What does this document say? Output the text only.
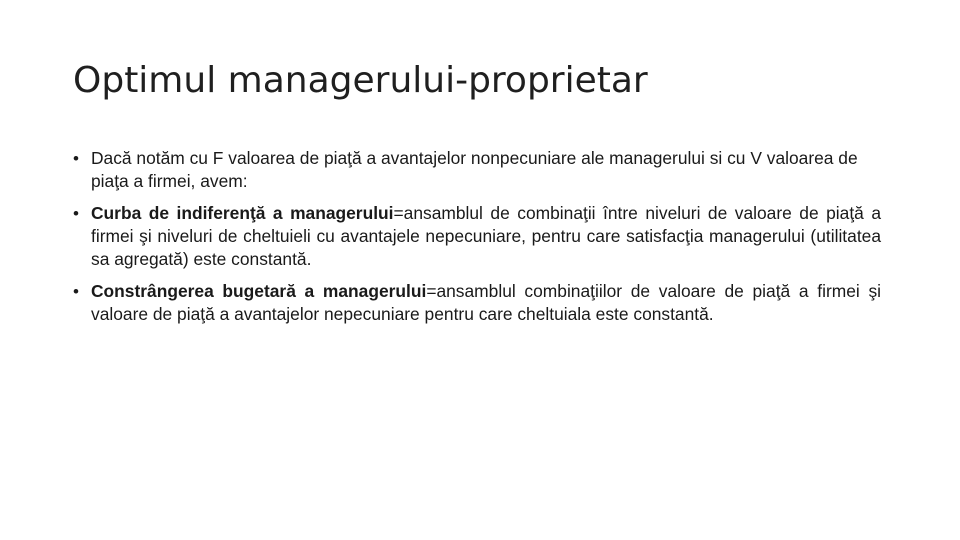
Optimul managerului-proprietar
• Dacă notăm cu F valoarea de piaţă a avantajelor nonpecuniare ale managerului si cu V valoarea de piaţa a firmei, avem:
• Curba de indiferenţă a managerului=ansamblul de combinaţii între niveluri de valoare de piaţă a firmei şi niveluri de cheltuieli cu avantajele nepecuniare, pentru care satisfacţia managerului (utilitatea sa agregată) este constantă.
• Constrângerea bugetară a managerului=ansamblul combinaţiilor de valoare de piaţă a firmei şi valoare de piaţă a avantajelor nepecuniare pentru care cheltuiala este constantă.
